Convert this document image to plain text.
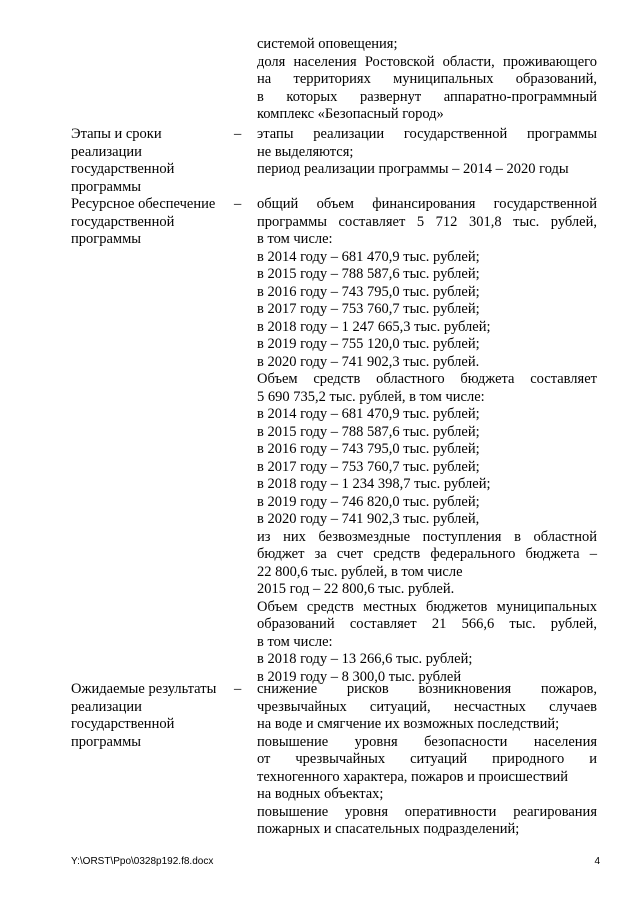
системой оповещения;
доля населения Ростовской области, проживающего
на территориях муниципальных образований,
в которых развернут аппаратно-программный
комплекс «Безопасный город»
Этапы и сроки
реализации
государственной
программы
– этапы реализации государственной программы
не выделяются;
период реализации программы – 2014 – 2020 годы
Ресурсное обеспечение
государственной
программы
– общий объем финансирования государственной
программы составляет 5 712 301,8 тыс. рублей,
в том числе:
в 2014 году – 681 470,9 тыс. рублей;
в 2015 году – 788 587,6 тыс. рублей;
в 2016 году – 743 795,0 тыс. рублей;
в 2017 году – 753 760,7 тыс. рублей;
в 2018 году – 1 247 665,3 тыс. рублей;
в 2019 году – 755 120,0 тыс. рублей;
в 2020 году – 741 902,3 тыс. рублей.
Объем средств областного бюджета составляет
5 690 735,2 тыс. рублей, в том числе:
в 2014 году – 681 470,9 тыс. рублей;
в 2015 году – 788 587,6 тыс. рублей;
в 2016 году – 743 795,0 тыс. рублей;
в 2017 году – 753 760,7 тыс. рублей;
в 2018 году – 1 234 398,7 тыс. рублей;
в 2019 году – 746 820,0 тыс. рублей;
в 2020 году – 741 902,3 тыс. рублей,
из них безвозмездные поступления в областной
бюджет за счет средств федерального бюджета –
22 800,6 тыс. рублей, в том числе
2015 год – 22 800,6 тыс. рублей.
Объем средств местных бюджетов муниципальных
образований составляет 21 566,6 тыс. рублей,
в том числе:
в 2018 году – 13 266,6 тыс. рублей;
в 2019 году – 8 300,0 тыс. рублей
Ожидаемые результаты
реализации
государственной
программы
– снижение рисков возникновения пожаров,
чрезвычайных ситуаций, несчастных случаев
на воде и смягчение их возможных последствий;
повышение уровня безопасности населения
от чрезвычайных ситуаций природного и
техногенного характера, пожаров и происшествий
на водных объектах;
повышение уровня оперативности реагирования
пожарных и спасательных подразделений;
Y:\ORST\Ppo\0328p192.f8.docx	4
